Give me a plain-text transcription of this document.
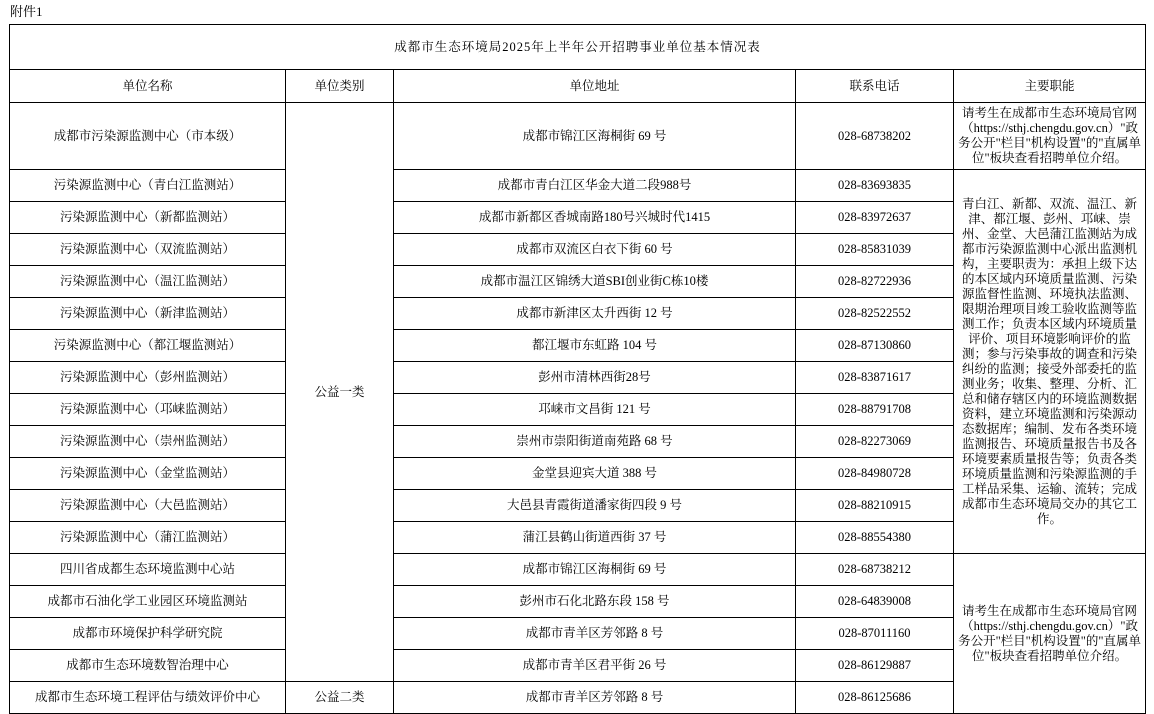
附件1
成都市生态环境局2025年上半年公开招聘事业单位基本情况表				
单位名称	单位类别	单位地址	联系电话	主要职能
成都市污染源监测中心（市本级）	公益一类	成都市锦江区海桐街 69 号	028-68738202	请考生在成都市生态环境局官网（https://sthj.chengdu.gov.cn）"政务公开"栏目"机构设置"的"直属单位"板块查看招聘单位介绍。
污染源监测中心（青白江监测站）		成都市青白江区华金大道二段988号	028-83693835	青白江、新都、双流、温江、新津、都江堰、彭州、邛崃、崇州、金堂、大邑蒲江监测站为成都市污染源监测中心派出监测机构，主要职责为：承担上级下达的本区域内环境质量监测、污染源监督性监测、环境执法监测、限期治理项目竣工验收监测等监测工作；负责本区域内环境质量评价、项目环境影响评价的监测；参与污染事故的调查和污染纠纷的监测；接受外部委托的监测业务；收集、整理、分析、汇总和储存辖区内的环境监测数据资料，建立环境监测和污染源动态数据库；编制、发布各类环境监测报告、环境质量报告书及各环境要素质量报告等；负责各类环境质量监测和污染源监测的手工样品采集、运输、流转；完成成都市生态环境局交办的其它工作。
污染源监测中心（新都监测站）		成都市新都区香城南路180号兴城时代1415	028-83972637	
污染源监测中心（双流监测站）		成都市双流区白衣下街 60 号	028-85831039	
污染源监测中心（温江监测站）		成都市温江区锦绣大道SBI创业街C栋10楼	028-82722936	
污染源监测中心（新津监测站）		成都市新津区太升西街 12 号	028-82522552	
污染源监测中心（都江堰监测站）		都江堰市东虹路 104 号	028-87130860	
污染源监测中心（彭州监测站）		彭州市清林西街28号	028-83871617	
污染源监测中心（邛崃监测站）		邛崃市文昌街 121 号	028-88791708	
污染源监测中心（崇州监测站）		崇州市崇阳街道南苑路 68 号	028-82273069	
污染源监测中心（金堂监测站）		金堂县迎宾大道 388 号	028-84980728	
污染源监测中心（大邑监测站）		大邑县青霞街道潘家街四段 9 号	028-88210915	
污染源监测中心（蒲江监测站）		蒲江县鹤山街道西街 37 号	028-88554380	
四川省成都生态环境监测中心站		成都市锦江区海桐街 69 号	028-68738212	请考生在成都市生态环境局官网（https://sthj.chengdu.gov.cn）"政务公开"栏目"机构设置"的"直属单位"板块查看招聘单位介绍。
成都市石油化学工业园区环境监测站		彭州市石化北路东段 158 号	028-64839008	
成都市环境保护科学研究院		成都市青羊区芳邻路 8 号	028-87011160	
成都市生态环境数智治理中心		成都市青羊区君平街 26 号	028-86129887	
成都市生态环境工程评估与绩效评价中心	公益二类	成都市青羊区芳邻路 8 号	028-86125686	
